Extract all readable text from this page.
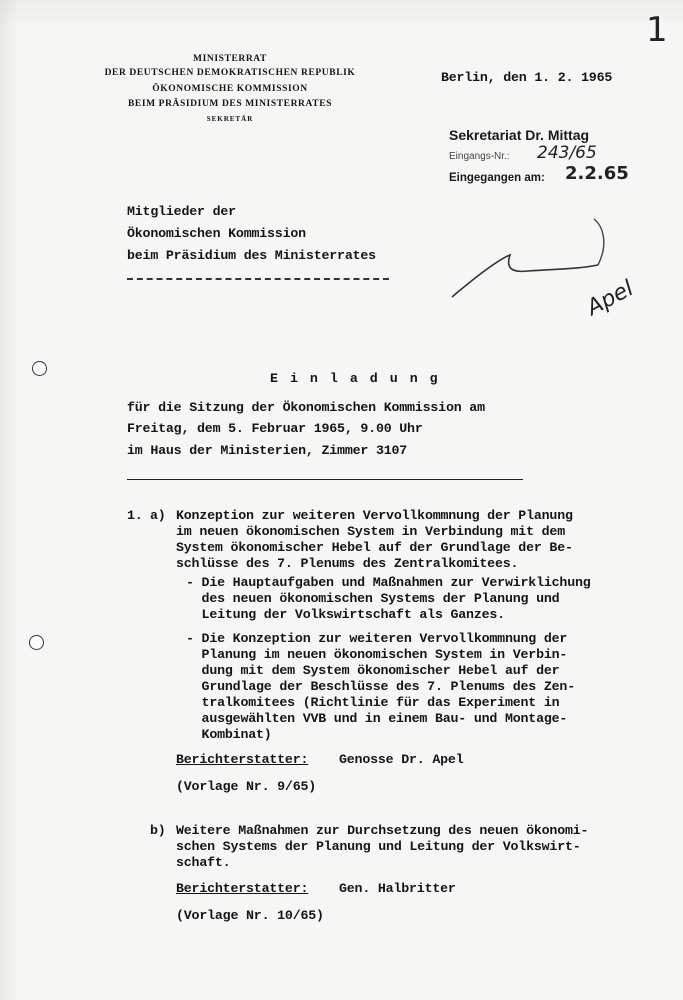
1
MINISTERRAT
DER DEUTSCHEN DEMOKRATISCHEN REPUBLIK
ÖKONOMISCHE KOMMISSION
BEIM PRÄSIDIUM DES MINISTERRATES
SEKRETÄR
Berlin, den 1. 2. 1965
Sekretariat Dr. Mittag
Eingangs-Nr.: 243/65
Eingegangen am: 2.2.65
Mitglieder der
Ökonomischen Kommission
beim Präsidium des Ministerrates
Apel
E i n l a d u n g
für die Sitzung der Ökonomischen Kommission am
Freitag, dem 5. Februar 1965, 9.00 Uhr
im Haus der Ministerien, Zimmer 3107
1. a) Konzeption zur weiteren Vervollkommnung der Planung
im neuen ökonomischen System in Verbindung mit dem
System ökonomischer Hebel auf der Grundlage der Be-
schlüsse des 7. Plenums des Zentralkomitees.
- Die Hauptaufgaben und Maßnahmen zur Verwirklichung
des neuen ökonomischen Systems der Planung und
Leitung der Volkswirtschaft als Ganzes.
- Die Konzeption zur weiteren Vervollkommnung der
Planung im neuen ökonomischen System in Verbin-
dung mit dem System ökonomischer Hebel auf der
Grundlage der Beschlüsse des 7. Plenums des Zen-
tralkomitees (Richtlinie für das Experiment in
ausgewählten VVB und in einem Bau- und Montage-
Kombinat)
Berichterstatter: Genosse Dr. Apel
(Vorlage Nr. 9/65)
b) Weitere Maßnahmen zur Durchsetzung des neuen ökonomi-
schen Systems der Planung und Leitung der Volkswirt-
schaft.
Berichterstatter: Gen. Halbritter
(Vorlage Nr. 10/65)
